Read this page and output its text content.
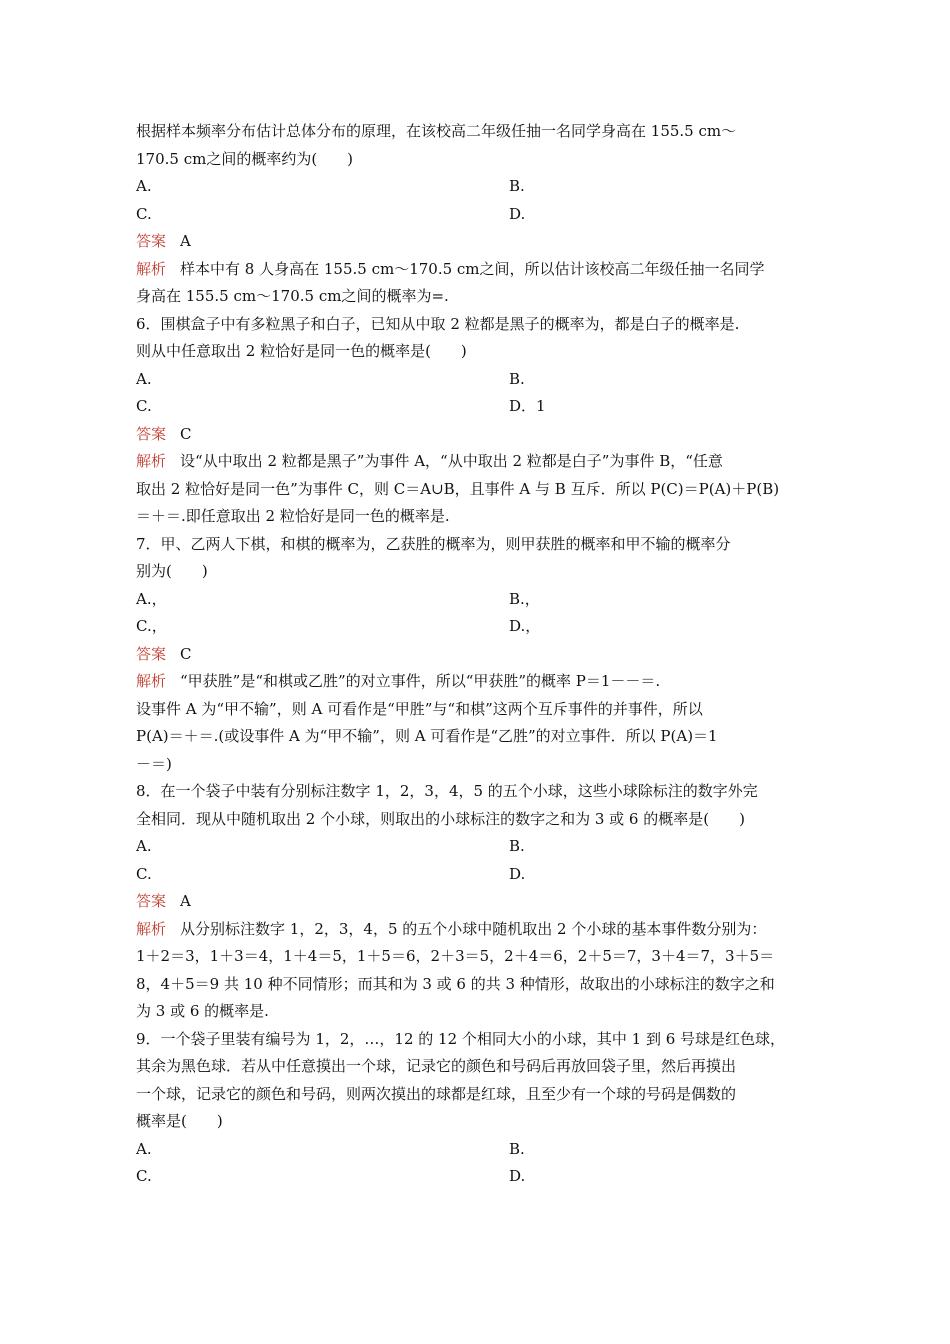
根据样本频率分布估计总体分布的原理，在该校高二年级任抽一名同学身高在 155.5 cm～
170.5 cm之间的概率约为(　　)
A.	B.
C.	D.
答案 A
解析 样本中有 8 人身高在 155.5 cm～170.5 cm之间，所以估计该校高二年级任抽一名同学
身高在 155.5 cm～170.5 cm之间的概率为=.
6．围棋盒子中有多粒黑子和白子，已知从中取 2 粒都是黑子的概率为，都是白子的概率是.
则从中任意取出 2 粒恰好是同一色的概率是(　　)
A.	B.
C.	D．1
答案 C
解析 设“从中取出 2 粒都是黑子”为事件 A，“从中取出 2 粒都是白子”为事件 B，“任意
取出 2 粒恰好是同一色”为事件 C，则 C＝A∪B，且事件 A 与 B 互斥．所以 P(C)＝P(A)＋P(B)
＝＋＝.即任意取出 2 粒恰好是同一色的概率是.
7．甲、乙两人下棋，和棋的概率为，乙获胜的概率为，则甲获胜的概率和甲不输的概率分
别为(　　)
A.，	B.，
C.，	D.，
答案 C
解析 “甲获胜”是“和棋或乙胜”的对立事件，所以“甲获胜”的概率 P＝1－－＝.
设事件 A 为“甲不输”，则 A 可看作是“甲胜”与“和棋”这两个互斥事件的并事件，所以
P(A)＝＋＝.(或设事件 A 为“甲不输”，则 A 可看作是“乙胜”的对立事件．所以 P(A)＝1
－＝)
8．在一个袋子中装有分别标注数字 1，2，3，4，5 的五个小球，这些小球除标注的数字外完
全相同．现从中随机取出 2 个小球，则取出的小球标注的数字之和为 3 或 6 的概率是(　　)
A.	B.
C.	D.
答案 A
解析 从分别标注数字 1，2，3，4，5 的五个小球中随机取出 2 个小球的基本事件数分别为：
1＋2＝3，1＋3＝4，1＋4＝5，1＋5＝6，2＋3＝5，2＋4＝6，2＋5＝7，3＋4＝7，3＋5＝
8，4＋5＝9 共 10 种不同情形；而其和为 3 或 6 的共 3 种情形，故取出的小球标注的数字之和
为 3 或 6 的概率是.
9．一个袋子里装有编号为 1，2，…，12 的 12 个相同大小的小球，其中 1 到 6 号球是红色球，
其余为黑色球．若从中任意摸出一个球，记录它的颜色和号码后再放回袋子里，然后再摸出
一个球，记录它的颜色和号码，则两次摸出的球都是红球，且至少有一个球的号码是偶数的
概率是(　　)
A.	B.
C.	D.
